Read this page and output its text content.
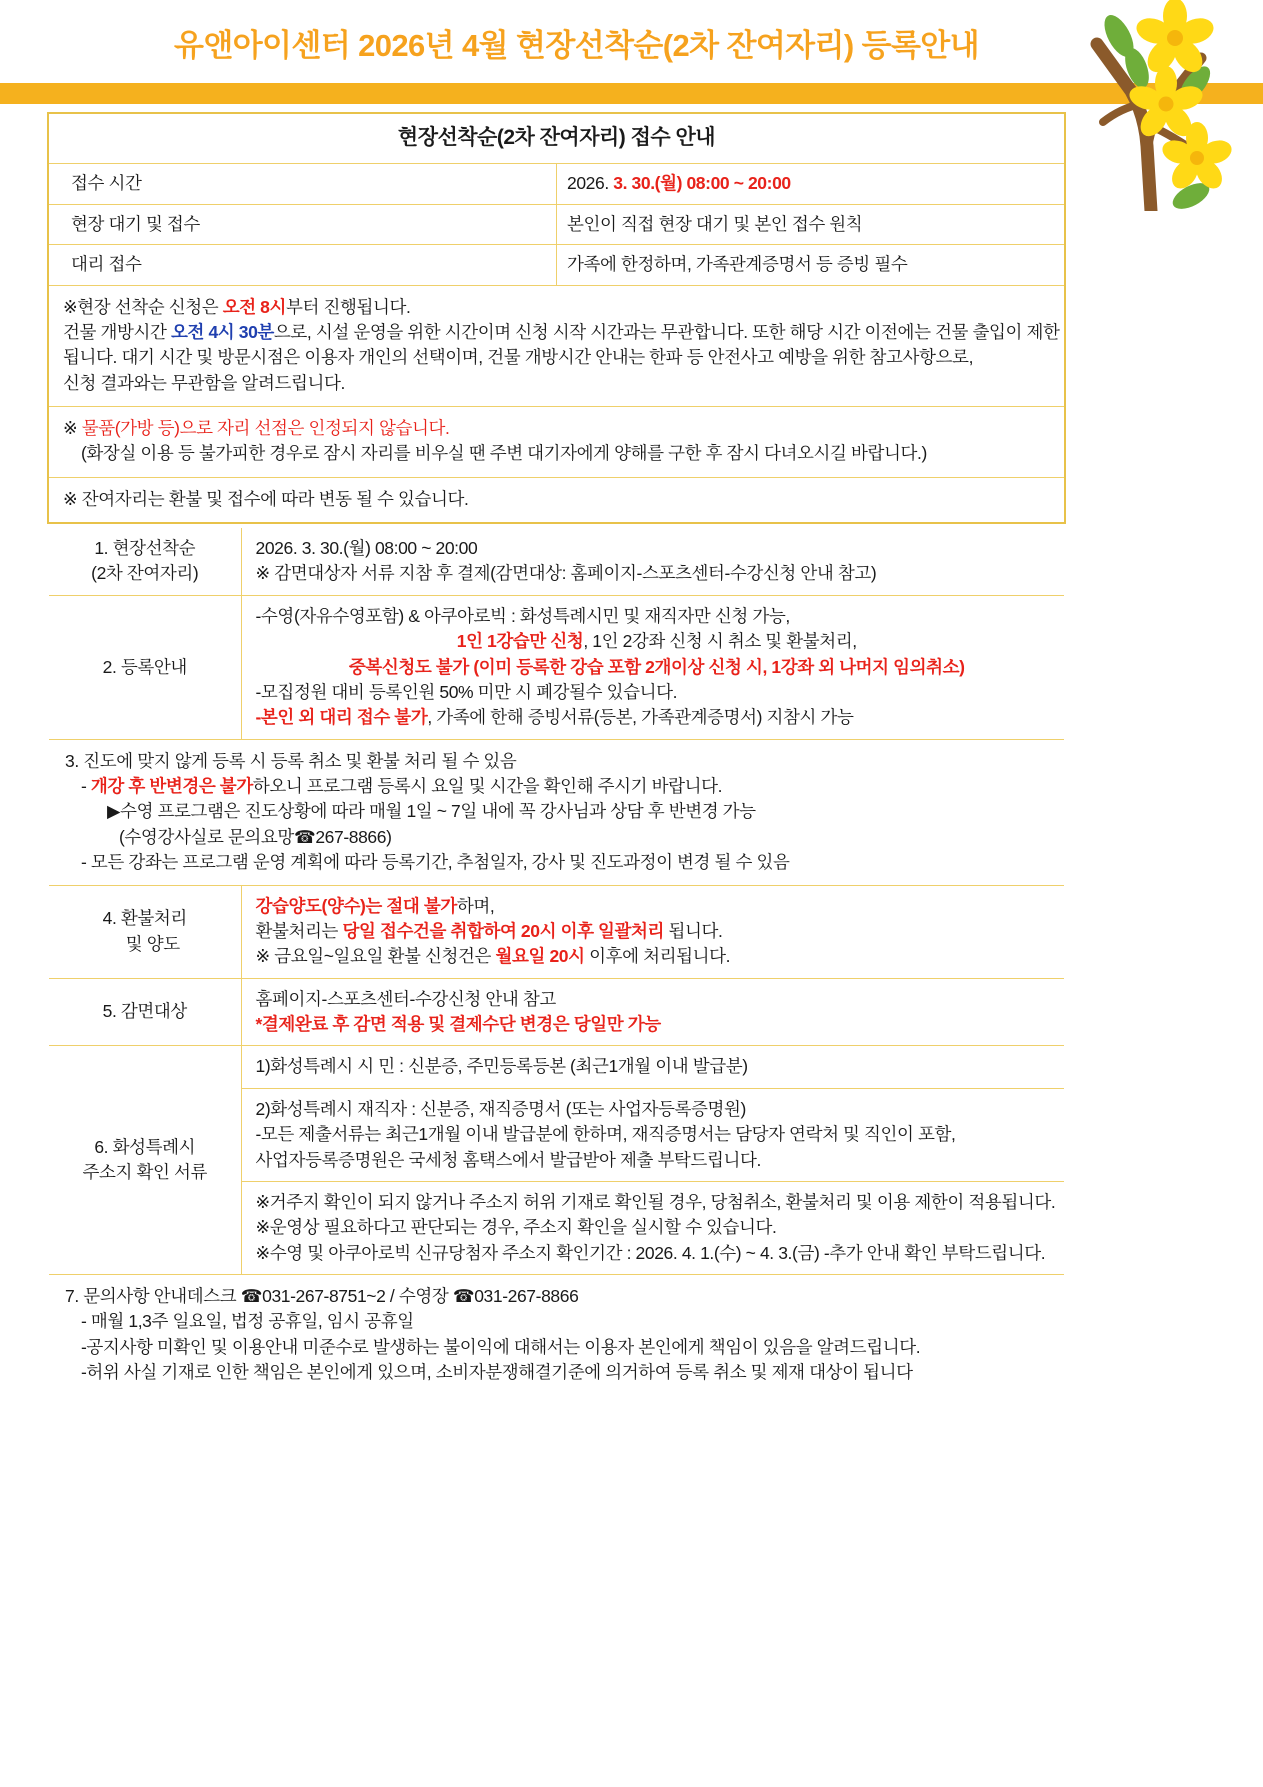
유앤아이센터 2026년 4월 현장선착순(2차 잔여자리) 등록안내
현장선착순(2차 잔여자리) 접수 안내	
접수 시간	2026. 3. 30.(월) 08:00 ~ 20:00
현장 대기 및 접수	본인이 직접 현장 대기 및 본인 접수 원칙
대리 접수	가족에 한정하며, 가족관계증명서 등 증빙 필수

※현장 선착순 신청은 오전 8시부터 진행됩니다.
건물 개방시간 오전 4시 30분으로, 시설 운영을 위한 시간이며 신청 시작 시간과는 무관합니다. 또한 해당 시간 이전에는 건물 출입이 제한
됩니다. 대기 시간 및 방문시점은 이용자 개인의 선택이며, 건물 개방시간 안내는 한파 등 안전사고 예방을 위한 참고사항으로,
신청 결과와는 무관함을 알려드립니다.	

※ 물품(가방 등)으로 자리 선점은 인정되지 않습니다.
(화장실 이용 등 불가피한 경우로 잠시 자리를 비우실 땐 주변 대기자에게 양해를 구한 후 잠시 다녀오시길 바랍니다.)	

※ 잔여자리는 환불 및 접수에 따라 변동 될 수 있습니다.	
1. 현장선착순
(2차 잔여자리)	2026. 3. 30.(월) 08:00 ~ 20:00
※ 감면대상자 서류 지참 후 결제(감면대상: 홈페이지-스포츠센터-수강신청 안내 참고)

2. 등록안내	-수영(자유수영포함) & 아쿠아로빅 : 화성특례시민 및 재직자만 신청 가능,
1인 1강습만 신청, 1인 2강좌 신청 시 취소 및 환불처리,
중복신청도 불가 (이미 등록한 강습 포함 2개이상 신청 시, 1강좌 외 나머지 임의취소)
-모집정원 대비 등록인원 50% 미만 시 폐강될수 있습니다.
-본인 외 대리 접수 불가, 가족에 한해 증빙서류(등본, 가족관계증명서) 지참시 가능

3. 진도에 맞지 않게 등록 시 등록 취소 및 환불 처리 될 수 있음
- 개강 후 반변경은 불가하오니 프로그램 등록시 요일 및 시간을 확인해 주시기 바랍니다.
▶수영 프로그램은 진도상황에 따라 매월 1일 ~ 7일 내에 꼭 강사님과 상담 후 반변경 가능
(수영강사실로 문의요망☎267-8866)
- 모든 강좌는 프로그램 운영 계획에 따라 등록기간, 추첨일자, 강사 및 진도과정이 변경 될 수 있음	

4. 환불처리
및 양도	강습양도(양수)는 절대 불가하며,
환불처리는 당일 접수건을 취합하여 20시 이후 일괄처리 됩니다.
※ 금요일~일요일 환불 신청건은 월요일 20시 이후에 처리됩니다.

5. 감면대상	홈페이지-스포츠센터-수강신청 안내 참고
*결제완료 후 감면 적용 및 결제수단 변경은 당일만 가능

6. 화성특례시
주소지 확인 서류	1)화성특례시 시 민 : 신분증, 주민등록등본 (최근1개월 이내 발급분)

	2)화성특례시 재직자 : 신분증, 재직증명서 (또는 사업자등록증명원)
-모든 제출서류는 최근1개월 이내 발급분에 한하며, 재직증명서는 담당자 연락처 및 직인이 포함,
사업자등록증명원은 국세청 홈택스에서 발급받아 제출 부탁드립니다.

	※거주지 확인이 되지 않거나 주소지 허위 기재로 확인될 경우, 당첨취소, 환불처리 및 이용 제한이 적용됩니다.
※운영상 필요하다고 판단되는 경우, 주소지 확인을 실시할 수 있습니다.
※수영 및 아쿠아로빅 신규당첨자 주소지 확인기간 : 2026. 4. 1.(수) ~ 4. 3.(금) -추가 안내 확인 부탁드립니다.

7. 문의사항 안내데스크 ☎031-267-8751~2 / 수영장 ☎031-267-8866
- 매월 1,3주 일요일, 법정 공휴일, 임시 공휴일
-공지사항 미확인 및 이용안내 미준수로 발생하는 불이익에 대해서는 이용자 본인에게 책임이 있음을 알려드립니다.
-허위 사실 기재로 인한 책임은 본인에게 있으며, 소비자분쟁해결기준에 의거하여 등록 취소 및 제재 대상이 됩니다	
